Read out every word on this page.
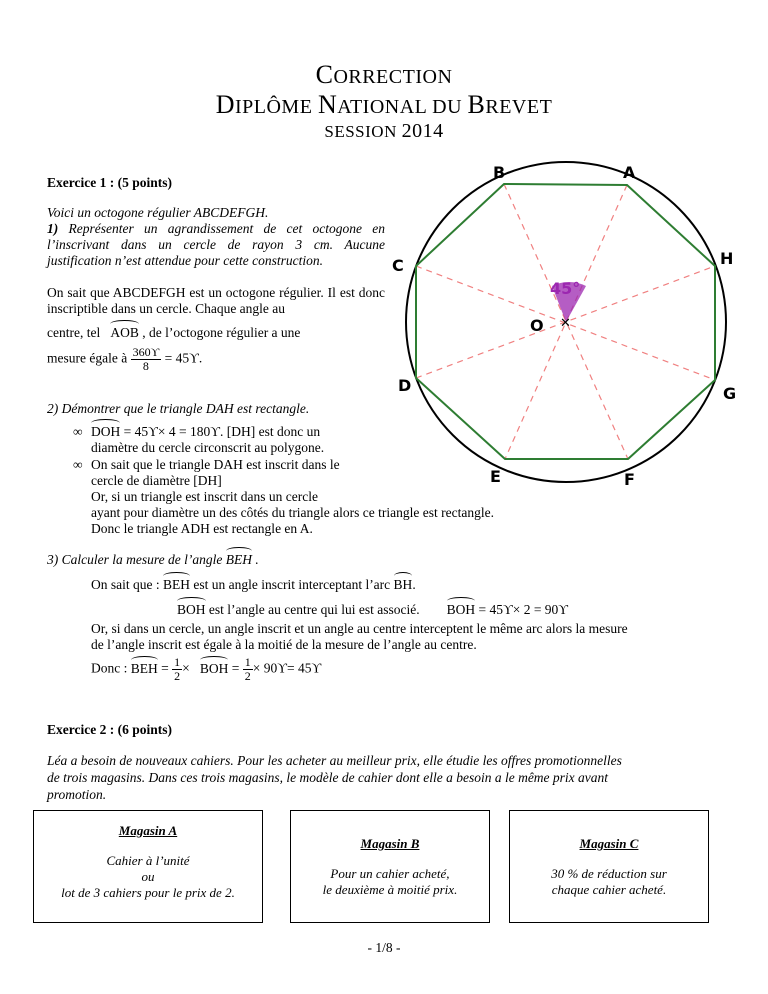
CORRECTION
DIPLÔME NATIONAL DU BREVET
SESSION 2014
Exercice 1 : (5 points)
Voici un octogone régulier ABCDEFGH.
1) Représenter un agrandissement de cet octogone en l’inscrivant dans un cercle de rayon 3 cm. Aucune justification n’est attendue pour cette construction.
On sait que ABCDEFGH est un octogone régulier. Il est donc inscriptible dans un cercle. Chaque angle au
centre, tel AOB , de l’octogone régulier a une
mesure égale à $\frac{360ϒ}{8} = 45ϒ$.
2) Démontrer que le triangle DAH est rectangle.
∞ DOH = 45ϒ× 4 = 180ϒ. [DH] est donc un
diamètre du cercle circonscrit au polygone.
∞ On sait que le triangle DAH est inscrit dans le
cercle de diamètre [DH]
Or, si un triangle est inscrit dans un cercle
ayant pour diamètre un des côtés du triangle alors ce triangle est rectangle.
Donc le triangle ADH est rectangle en A.
3) Calculer la mesure de l’angle BEH .
On sait que : BEH est un angle inscrit interceptant l’arc BH.
BOH est l’angle au centre qui lui est associé. BOH = 45ϒ× 2 = 90ϒ
Or, si dans un cercle, un angle inscrit et un angle au centre interceptent le même arc alors la mesure
de l’angle inscrit est égale à la moitié de la mesure de l’angle au centre.
Donc : BEH = $\frac{1}{2}$ × BOH = $\frac{1}{2} \times 90ϒ= 45ϒ$
✕
B	A
C	H
O
D	G
E	F
45°
Exercice 2 : (6 points)
Léa a besoin de nouveaux cahiers. Pour les acheter au meilleur prix, elle étudie les offres promotionnelles
de trois magasins. Dans ces trois magasins, le modèle de cahier dont elle a besoin a le même prix avant
promotion.
Magasin A
Cahier à l’unité
ou
lot de 3 cahiers pour le prix de 2.
Magasin B
Pour un cahier acheté,
le deuxième à moitié prix.
Magasin C
30 % de réduction sur
chaque cahier acheté.
- 1/8 -
